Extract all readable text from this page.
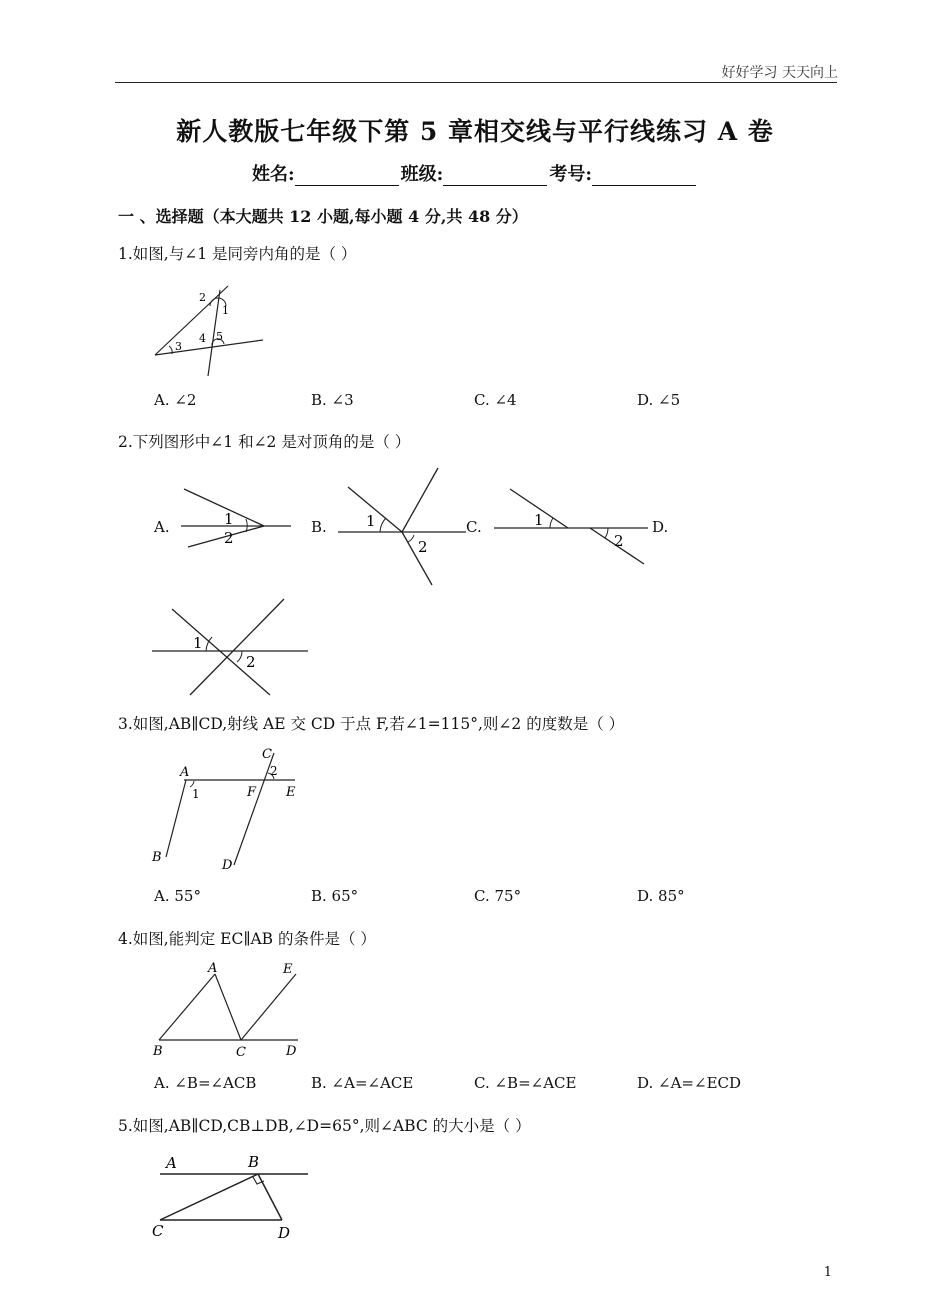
好好学习 天天向上
新人教版七年级下第 5 章相交线与平行线练习 A 卷
姓名:	班级:	考号:
一 、选择题（本大题共 12 小题,每小题 4 分,共 48 分）
1.如图,与∠1 是同旁内角的是（ ）
2
1
3
4 5
A. ∠2	B. ∠3	C. ∠4	D. ∠5
2.下列图形中∠1 和∠2 是对顶角的是（ ）
A.	1
2
B.	1
2
C.	1
2
D.
1
2
3.如图,AB∥CD,射线 AE 交 CD 于点 F,若∠1=115°,则∠2 的度数是（ ）
C
A	2
1	F E
B
D
A. 55°	B. 65°	C. 75°	D. 85°
4.如图,能判定 EC∥AB 的条件是（ ）
A	E
B	C	D
A. ∠B=∠ACB	B. ∠A=∠ACE	C. ∠B=∠ACE	D. ∠A=∠ECD
5.如图,AB∥CD,CB⊥DB,∠D=65°,则∠ABC 的大小是（ ）
A	B
C	D
1
